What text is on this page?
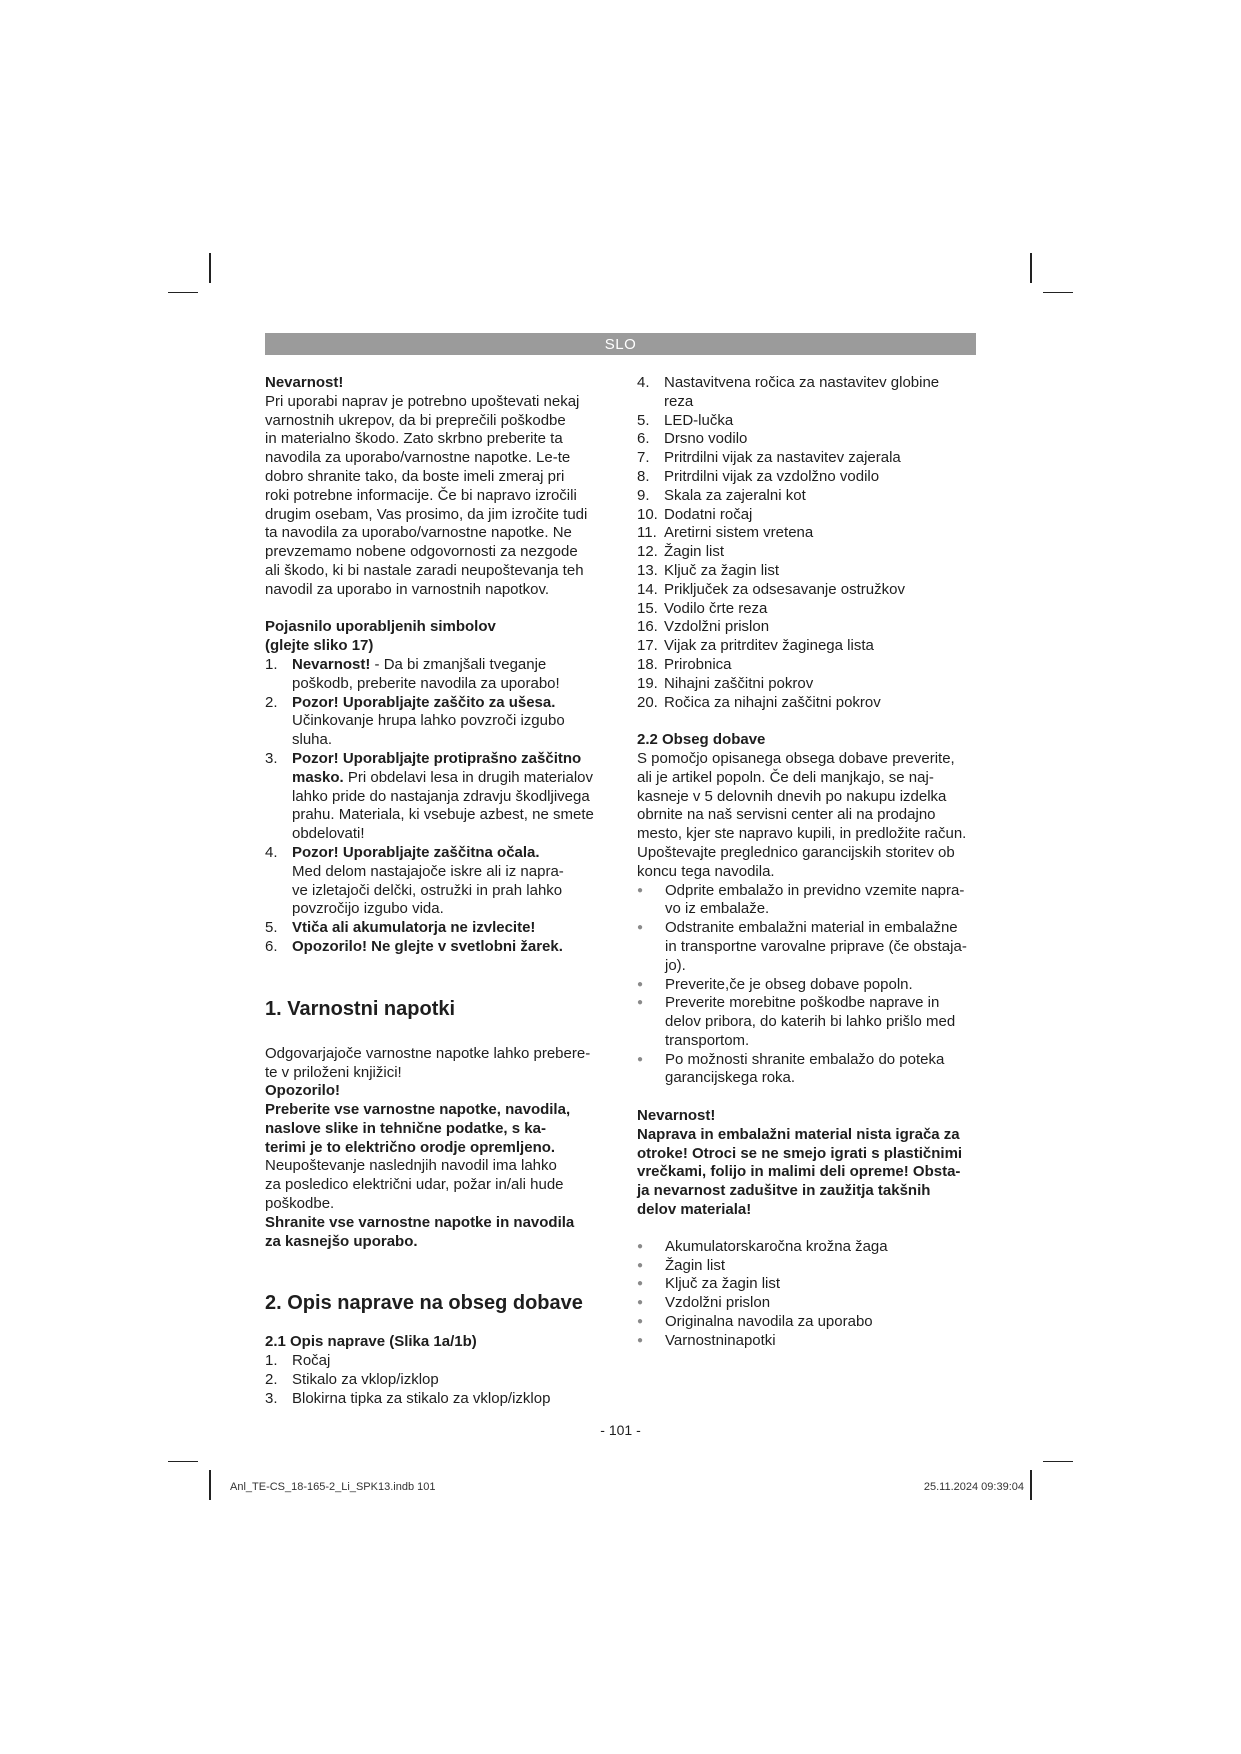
SLO

Nevarnost!

Pri uporabi naprav je potrebno upoštevati nekaj

varnostnih ukrepov, da bi preprečili poškodbe

in materialno škodo. Zato skrbno preberite ta

navodila za uporabo/varnostne napotke. Le-te

dobro shranite tako, da boste imeli zmeraj pri

roki potrebne informacije. Če bi napravo izročili

drugim osebam, Vas prosimo, da jim izročite tudi

ta navodila za uporabo/varnostne napotke. Ne

prevzemamo nobene odgovornosti za nezgode

ali škodo, ki bi nastale zaradi neupoštevanja teh

navodil za uporabo in varnostnih napotkov.

Pojasnilo uporabljenih simbolov

(glejte sliko 17)

1. Nevarnost! - Da bi zmanjšali tveganje
poškodb, preberite navodila za uporabo!
2. Pozor! Uporabljajte zaščito za ušesa.
Učinkovanje hrupa lahko povzroči izgubo
sluha.
3. Pozor! Uporabljajte protiprašno zaščitno
masko. Pri obdelavi lesa in drugih materialov
lahko pride do nastajanja zdravju škodljivega
prahu. Materiala, ki vsebuje azbest, ne smete
obdelovati!
4. Pozor! Uporabljajte zaščitna očala.
Med delom nastajajoče iskre ali iz napra-
ve izletajoči delčki, ostružki in prah lahko
povzročijo izgubo vida.
5. Vtiča ali akumulatorja ne izvlecite!
6. Opozorilo! Ne glejte v svetlobni žarek.

1. Varnostni napotki

Odgovarjajoče varnostne napotke lahko prebere-

te v priloženi knjižici!

Opozorilo!

Preberite vse varnostne napotke, navodila,

naslove slike in tehnične podatke, s ka-

terimi je to električno orodje opremljeno.

Neupoštevanje naslednjih navodil ima lahko

za posledico električni udar, požar in/ali hude

poškodbe.

Shranite vse varnostne napotke in navodila

za kasnejšo uporabo.

2. Opis naprave na obseg dobave

2.1 Opis naprave (Slika 1a/1b)

1. Ročaj
2. Stikalo za vklop/izklop
3. Blokirna tipka za stikalo za vklop/izklop
4. Nastavitvena ročica za nastavitev globine
reza
5. LED-lučka
6. Drsno vodilo
7. Pritrdilni vijak za nastavitev zajerala
8. Pritrdilni vijak za vzdolžno vodilo
9. Skala za zajeralni kot
10. Dodatni ročaj
11. Aretirni sistem vretena
12. Žagin list
13. Ključ za žagin list
14. Priključek za odsesavanje ostružkov
15. Vodilo črte reza
16. Vzdolžni prislon
17. Vijak za pritrditev žaginega lista
18. Prirobnica
19. Nihajni zaščitni pokrov
20. Ročica za nihajni zaščitni pokrov

2.2 Obseg dobave

S pomočjo opisanega obsega dobave preverite,

ali je artikel popoln. Če deli manjkajo, se naj-

kasneje v 5 delovnih dnevih po nakupu izdelka

obrnite na naš servisni center ali na prodajno

mesto, kjer ste napravo kupili, in predložite račun.

Upoštevajte preglednico garancijskih storitev ob

koncu tega navodila.

● Odprite embalažo in previdno vzemite napra-

vo iz embalaže.

● Odstranite embalažni material in embalažne

in transportne varovalne priprave (če obstaja-

jo).

● Preverite,če je obseg dobave popoln.

● Preverite morebitne poškodbe naprave in

delov pribora, do katerih bi lahko prišlo med

transportom.

● Po možnosti shranite embalažo do poteka

garancijskega roka.

Nevarnost!

Naprava in embalažni material nista igrača za

otroke! Otroci se ne smejo igrati s plastičnimi

vrečkami, folijo in malimi deli opreme! Obsta-

ja nevarnost zadušitve in zaužitja takšnih

delov materiala!

● Akumulatorskaročna krožna žaga
● Žagin list
● Ključ za žagin list
● Vzdolžni prislon
● Originalna navodila za uporabo
● Varnostninapotki
- 101 -
Anl_TE-CS_18-165-2_Li_SPK13.indb 101	25.11.2024 09:39:04
